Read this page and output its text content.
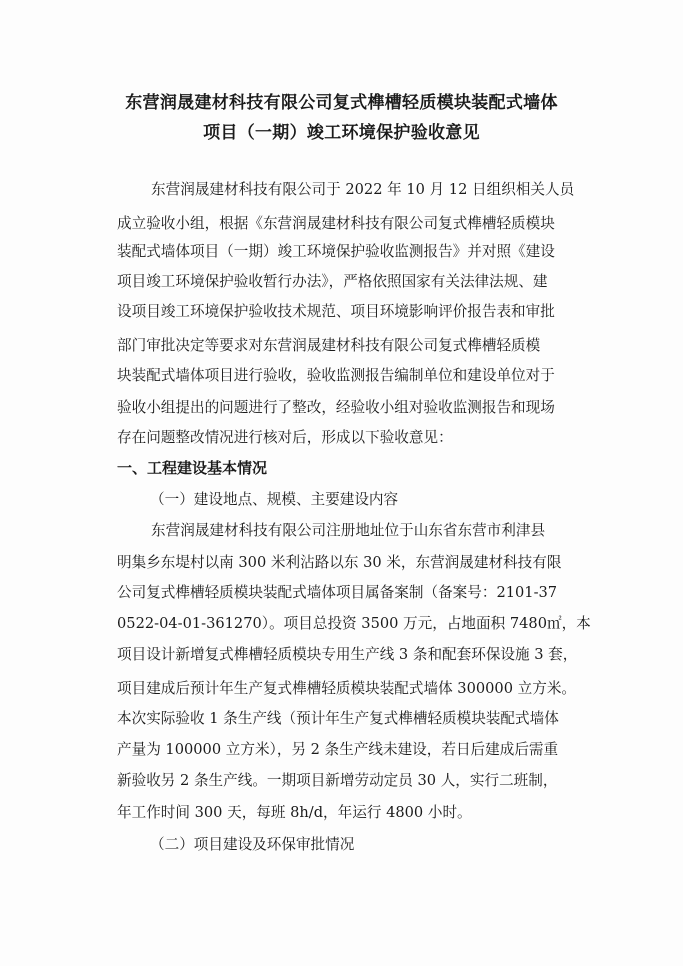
东营润晟建材科技有限公司复式榫槽轻质模块装配式墙体
项目（一期）竣工环境保护验收意见
东营润晟建材科技有限公司于 2022 年 10 月 12 日组织相关人员
成立验收小组，根据《东营润晟建材科技有限公司复式榫槽轻质模块
装配式墙体项目（一期）竣工环境保护验收监测报告》并对照《建设
项目竣工环境保护验收暂行办法》，严格依照国家有关法律法规、建
设项目竣工环境保护验收技术规范、项目环境影响评价报告表和审批
部门审批决定等要求对东营润晟建材科技有限公司复式榫槽轻质模
块装配式墙体项目进行验收，验收监测报告编制单位和建设单位对于
验收小组提出的问题进行了整改，经验收小组对验收监测报告和现场
存在问题整改情况进行核对后，形成以下验收意见：
一、工程建设基本情况
（一）建设地点、规模、主要建设内容
东营润晟建材科技有限公司注册地址位于山东省东营市利津县
明集乡东堤村以南 300 米利沾路以东 30 米，东营润晟建材科技有限
公司复式榫槽轻质模块装配式墙体项目属备案制（备案号：2101-37
0522-04-01-361270）。项目总投资 3500 万元，占地面积 7480㎡，本
项目设计新增复式榫槽轻质模块专用生产线 3 条和配套环保设施 3 套，
项目建成后预计年生产复式榫槽轻质模块装配式墙体 300000 立方米。
本次实际验收 1 条生产线（预计年生产复式榫槽轻质模块装配式墙体
产量为 100000 立方米），另 2 条生产线未建设，若日后建成后需重
新验收另 2 条生产线。一期项目新增劳动定员 30 人，实行二班制，
年工作时间 300 天，每班 8h/d，年运行 4800 小时。
（二）项目建设及环保审批情况
